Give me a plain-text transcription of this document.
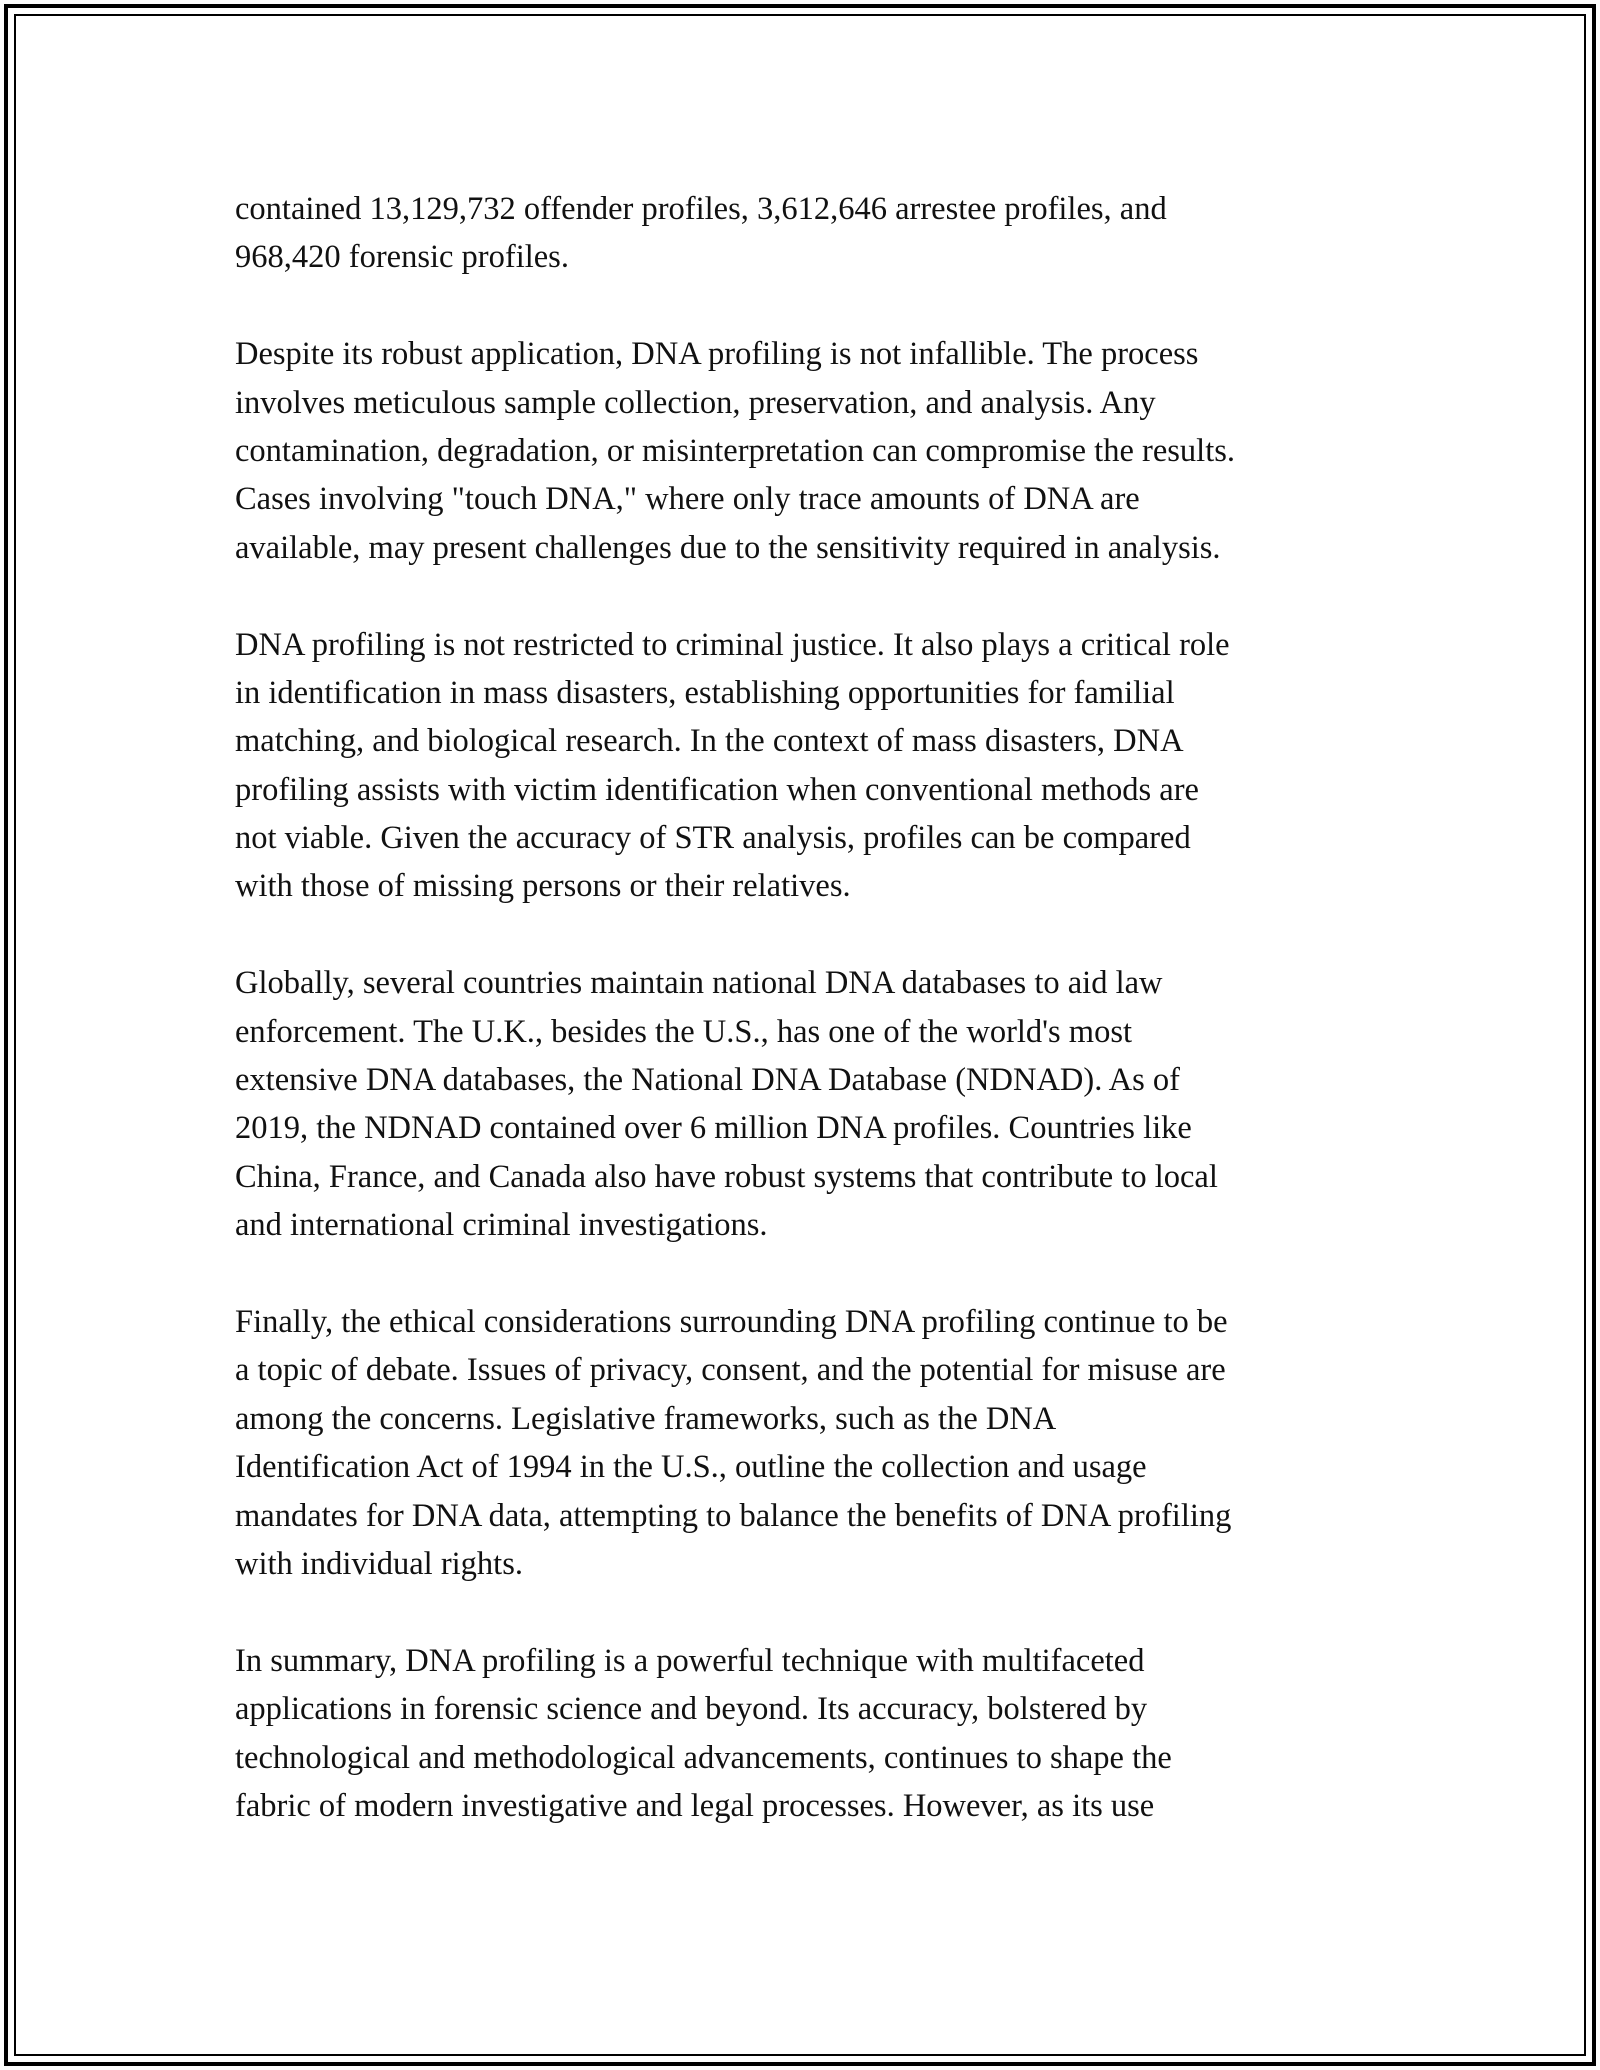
contained 13,129,732 offender profiles, 3,612,646 arrestee profiles, and
968,420 forensic profiles.
Despite its robust application, DNA profiling is not infallible. The process
involves meticulous sample collection, preservation, and analysis. Any
contamination, degradation, or misinterpretation can compromise the results.
Cases involving "touch DNA," where only trace amounts of DNA are
available, may present challenges due to the sensitivity required in analysis.
DNA profiling is not restricted to criminal justice. It also plays a critical role
in identification in mass disasters, establishing opportunities for familial
matching, and biological research. In the context of mass disasters, DNA
profiling assists with victim identification when conventional methods are
not viable. Given the accuracy of STR analysis, profiles can be compared
with those of missing persons or their relatives.
Globally, several countries maintain national DNA databases to aid law
enforcement. The U.K., besides the U.S., has one of the world's most
extensive DNA databases, the National DNA Database (NDNAD). As of
2019, the NDNAD contained over 6 million DNA profiles. Countries like
China, France, and Canada also have robust systems that contribute to local
and international criminal investigations.
Finally, the ethical considerations surrounding DNA profiling continue to be
a topic of debate. Issues of privacy, consent, and the potential for misuse are
among the concerns. Legislative frameworks, such as the DNA
Identification Act of 1994 in the U.S., outline the collection and usage
mandates for DNA data, attempting to balance the benefits of DNA profiling
with individual rights.
In summary, DNA profiling is a powerful technique with multifaceted
applications in forensic science and beyond. Its accuracy, bolstered by
technological and methodological advancements, continues to shape the
fabric of modern investigative and legal processes. However, as its use
